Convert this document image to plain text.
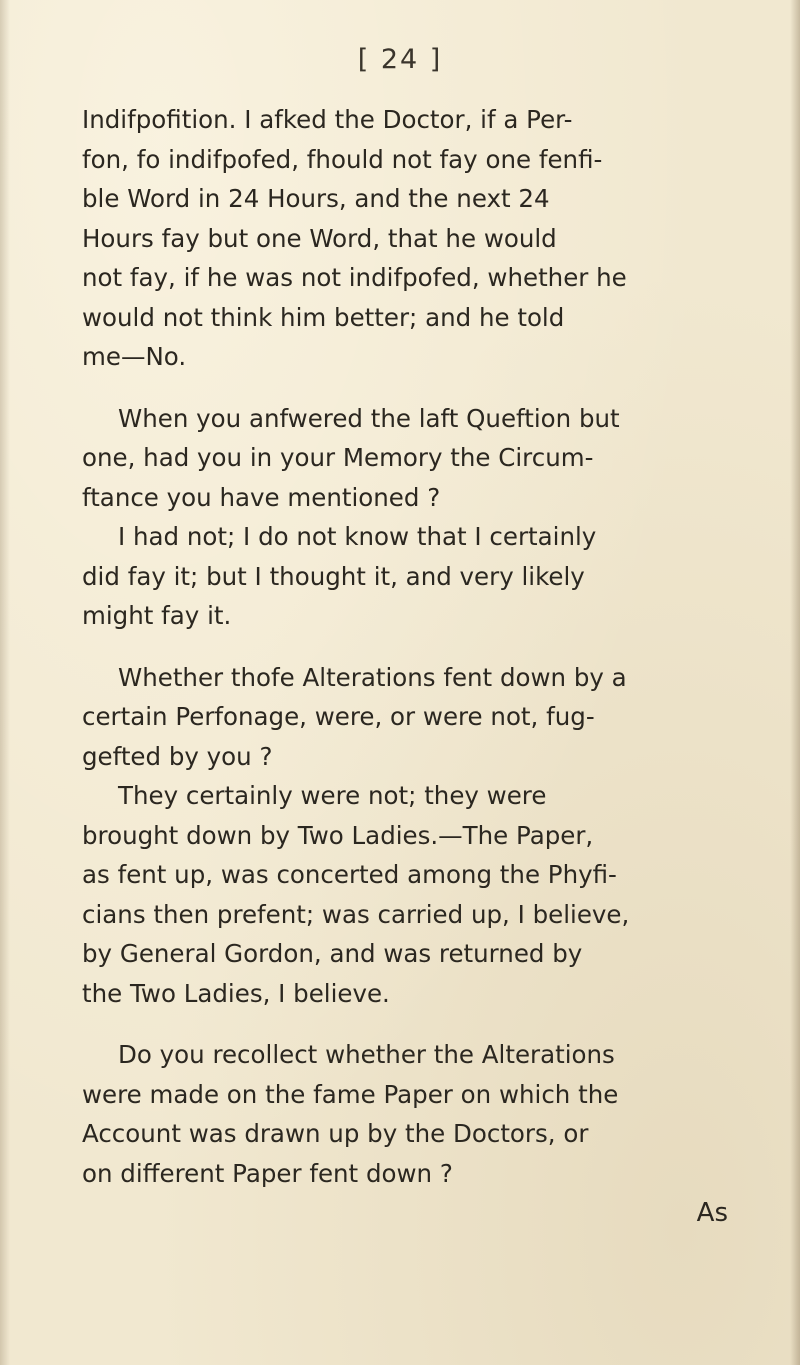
[ 24 ]

Indifpofition. I afked the Doctor, if a Per-
fon, fo indifpofed, fhould not fay one fenfi-
ble Word in 24 Hours, and the next 24
Hours fay but one Word, that he would
not fay, if he was not indifpofed, whether he
would not think him better; and he told
me—No.

When you anfwered the laft Queftion but
one, had you in your Memory the Circum-
ftance you have mentioned ?

I had not; I do not know that I certainly
did fay it; but I thought it, and very likely
might fay it.

Whether thofe Alterations fent down by a
certain Perfonage, were, or were not, fug-
gefted by you ?

They certainly were not; they were
brought down by Two Ladies.—The Paper,
as fent up, was concerted among the Phyfi-
cians then prefent; was carried up, I believe,
by General Gordon, and was returned by
the Two Ladies, I believe.

Do you recollect whether the Alterations
were made on the fame Paper on which the
Account was drawn up by the Doctors, or
on different Paper fent down ?

As
